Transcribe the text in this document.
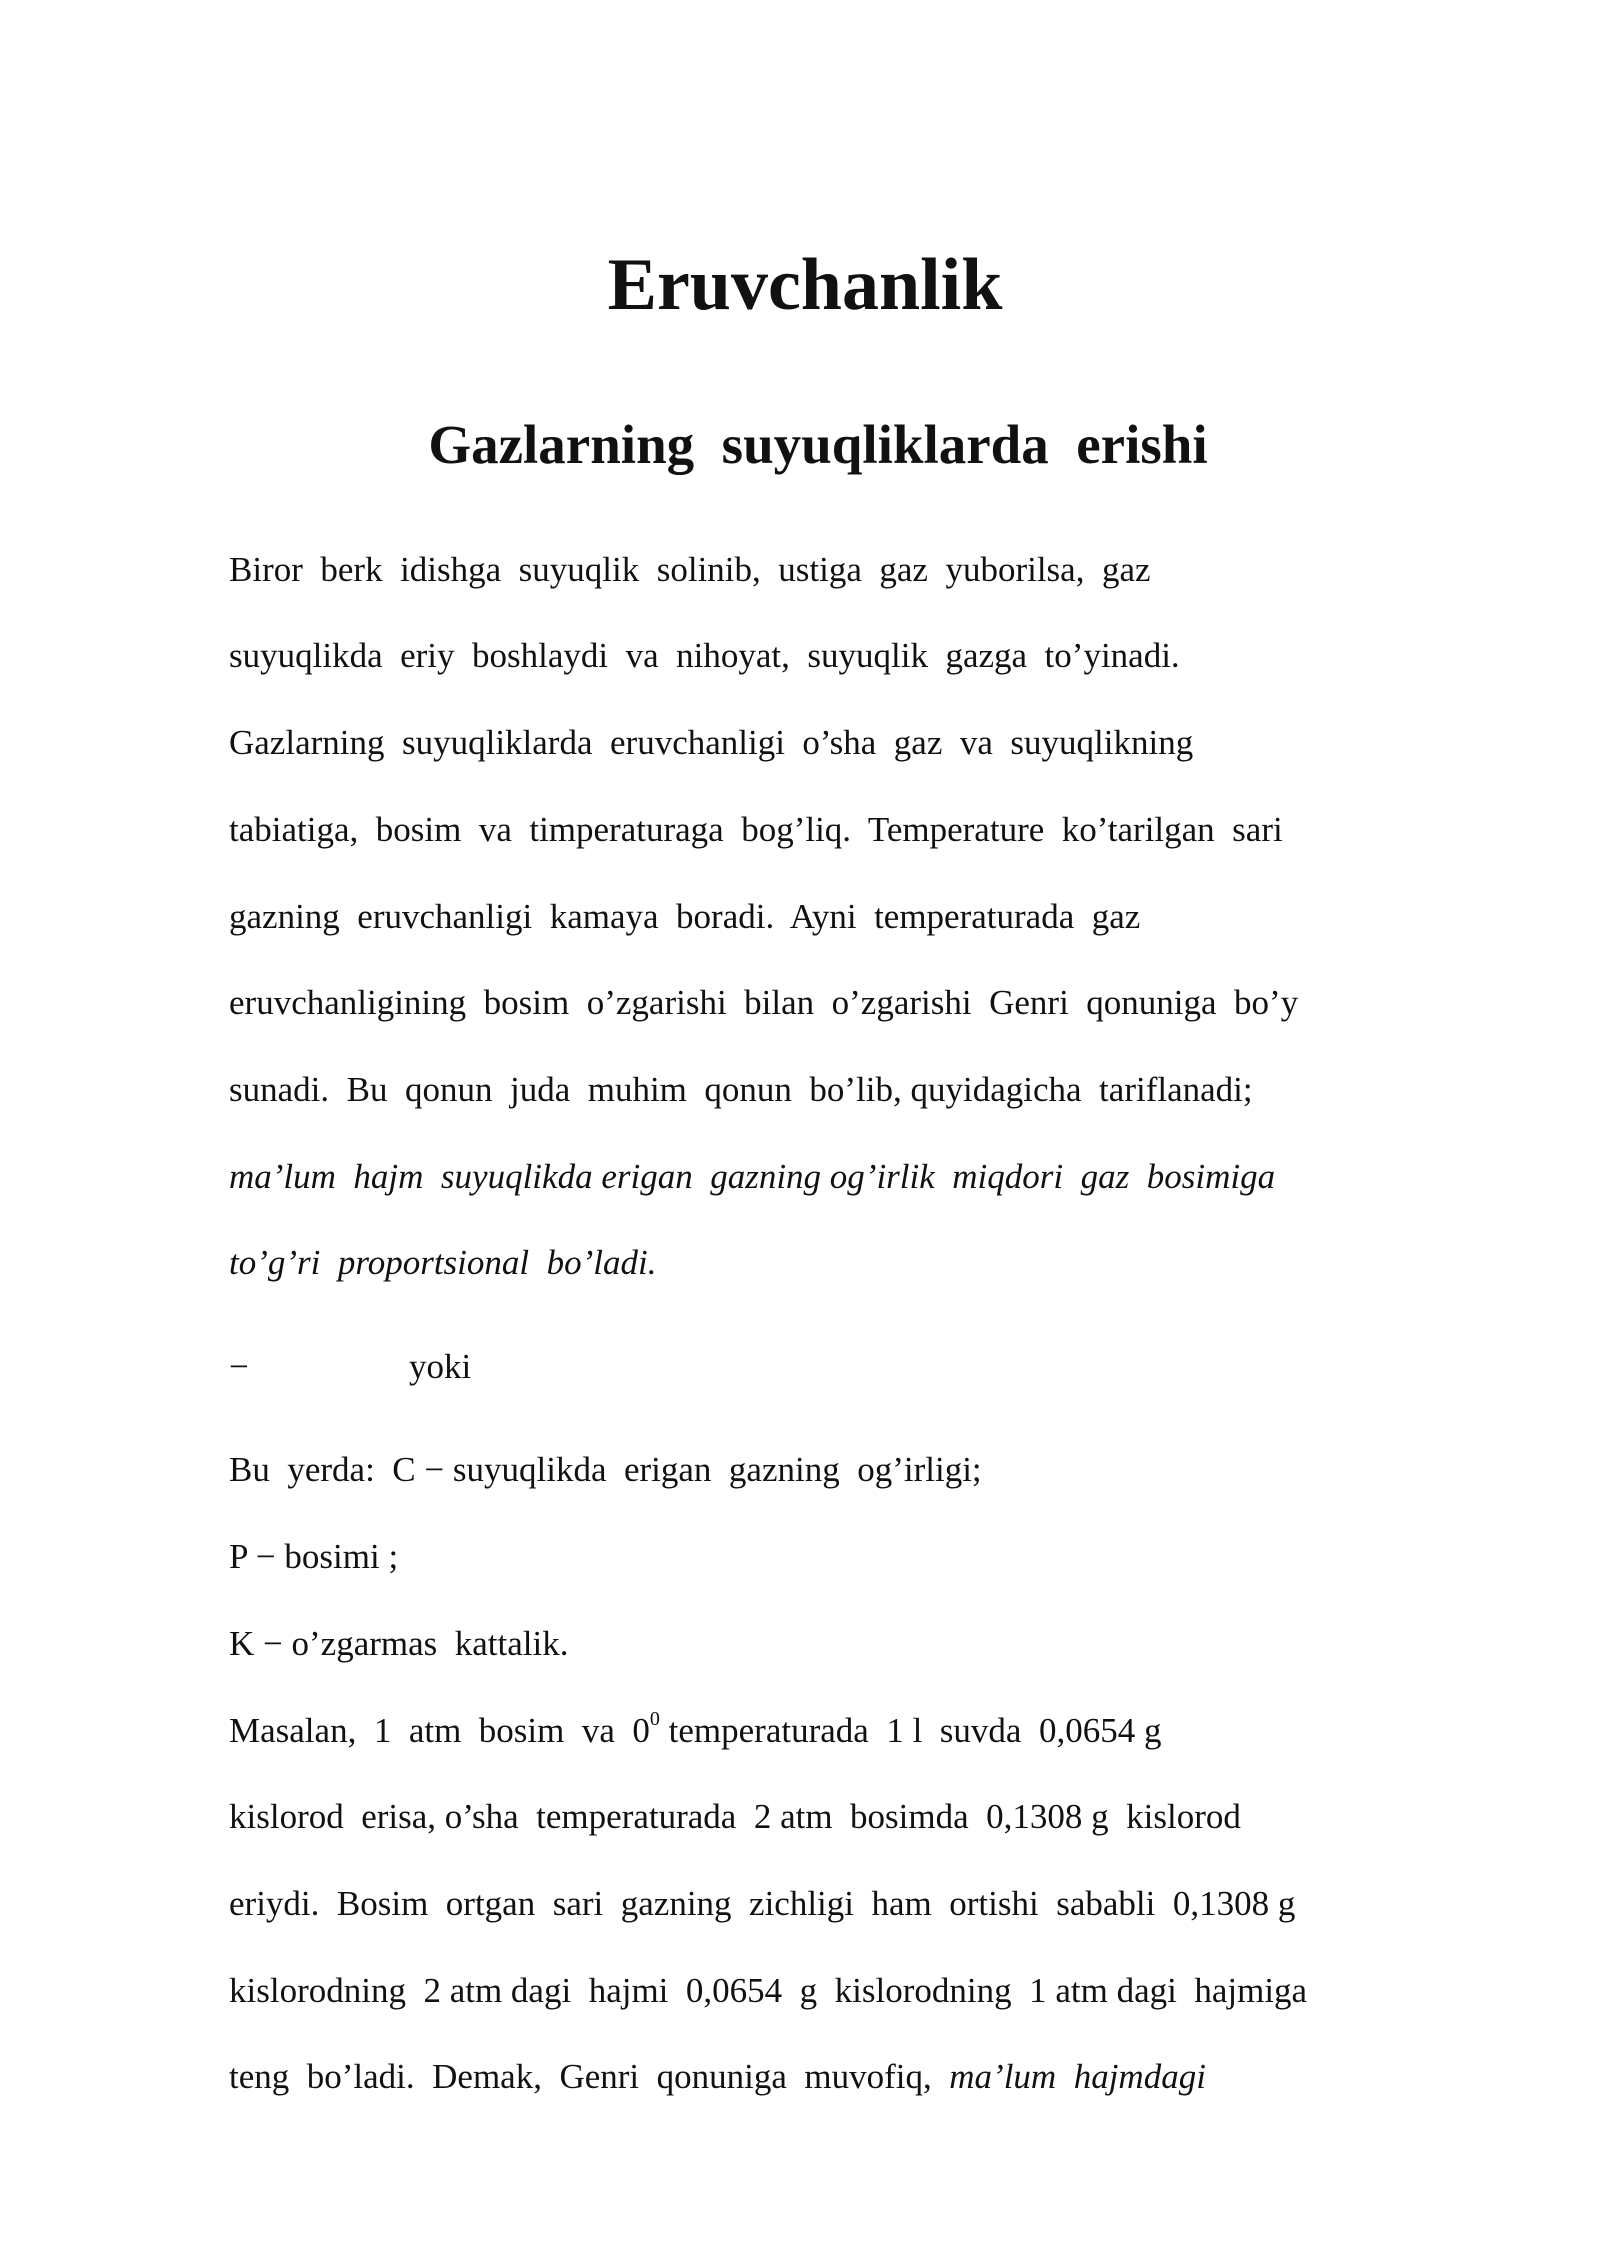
Eruvchanlik
Gazlarning  suyuqliklarda  erishi
Biror  berk  idishga  suyuqlik  solinib,  ustiga  gaz  yuborilsa,  gaz
suyuqlikda  eriy  boshlaydi  va  nihoyat,  suyuqlik  gazga  to’yinadi.
Gazlarning  suyuqliklarda  eruvchanligi  o’sha  gaz  va  suyuqlikning
tabiatiga,  bosim  va  timperaturaga  bog’liq.  Temperature  ko’tarilgan  sari
gazning  eruvchanligi  kamaya  boradi.  Ayni  temperaturada  gaz
eruvchanligining  bosim  o’zgarishi  bilan  o’zgarishi  Genri  qonuniga  bo’y
sunadi.  Bu  qonun  juda  muhim  qonun  bo’lib, quyidagicha  tariflanadi;
ma’lum  hajm  suyuqlikda erigan  gazning og’irlik  miqdori  gaz  bosimiga
to’g’ri  proportsional  bo’ladi.
−	yoki
Bu  yerda:  C − suyuqlikda  erigan  gazning  og’irligi;
P − bosimi ;
K − o’zgarmas  kattalik.
Masalan,  1  atm  bosim  va  $0^0$ temperaturada  1 l  suvda  0,0654 g
kislorod  erisa, o’sha  temperaturada  2 atm  bosimda  0,1308 g  kislorod
eriydi.  Bosim  ortgan  sari  gazning  zichligi  ham  ortishi  sababli  0,1308 g
kislorodning  2 atm dagi  hajmi  0,0654  g  kislorodning  1 atm dagi  hajmiga
teng  bo’ladi.  Demak,  Genri  qonuniga  muvofiq,  ma’lum  hajmdagi
